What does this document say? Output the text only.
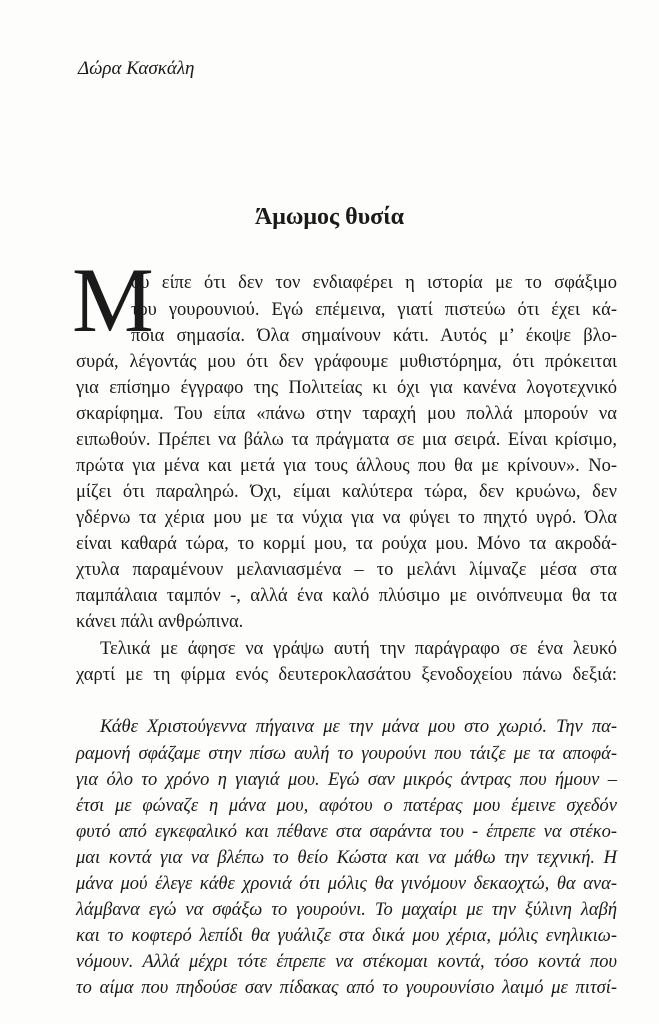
Δώρα Κασκάλη
Άμωμος θυσία
Μ
ου είπε ότι δεν τον ενδιαφέρει η ιστορία με το σφάξιμο
του γουρουνιού. Εγώ επέμεινα, γιατί πιστεύω ότι έχει κά-
ποια σημασία. Όλα σημαίνουν κάτι. Αυτός μ’ έκοψε βλο-
συρά, λέγοντάς μου ότι δεν γράφουμε μυθιστόρημα, ότι πρόκειται
για επίσημο έγγραφο της Πολιτείας κι όχι για κανένα λογοτεχνικό
σκαρίφημα. Του είπα «πάνω στην ταραχή μου πολλά μπορούν να
ειπωθούν. Πρέπει να βάλω τα πράγματα σε μια σειρά. Είναι κρίσιμο,
πρώτα για μένα και μετά για τους άλλους που θα με κρίνουν». Νο-
μίζει ότι παραληρώ. Όχι, είμαι καλύτερα τώρα, δεν κρυώνω, δεν
γδέρνω τα χέρια μου με τα νύχια για να φύγει το πηχτό υγρό. Όλα
είναι καθαρά τώρα, το κορμί μου, τα ρούχα μου. Μόνο τα ακροδά-
χτυλα παραμένουν μελανιασμένα – το μελάνι λίμναζε μέσα στα
παμπάλαια ταμπόν -, αλλά ένα καλό πλύσιμο με οινόπνευμα θα τα
κάνει πάλι ανθρώπινα.
Τελικά με άφησε να γράψω αυτή την παράγραφο σε ένα λευκό
χαρτί με τη φίρμα ενός δευτεροκλασάτου ξενοδοχείου πάνω δεξιά:
Κάθε Χριστούγεννα πήγαινα με την μάνα μου στο χωριό. Την πα-
ραμονή σφάζαμε στην πίσω αυλή το γουρούνι που τάιζε με τα αποφά-
για όλο το χρόνο η γιαγιά μου. Εγώ σαν μικρός άντρας που ήμουν –
έτσι με φώναζε η μάνα μου, αφότου ο πατέρας μου έμεινε σχεδόν
φυτό από εγκεφαλικό και πέθανε στα σαράντα του - έπρεπε να στέκο-
μαι κοντά για να βλέπω το θείο Κώστα και να μάθω την τεχνική. Η
μάνα μού έλεγε κάθε χρονιά ότι μόλις θα γινόμουν δεκαοχτώ, θα ανα-
λάμβανα εγώ να σφάξω το γουρούνι. Το μαχαίρι με την ξύλινη λαβή
και το κοφτερό λεπίδι θα γυάλιζε στα δικά μου χέρια, μόλις ενηλικιω-
νόμουν. Αλλά μέχρι τότε έπρεπε να στέκομαι κοντά, τόσο κοντά που
το αίμα που πηδούσε σαν πίδακας από το γουρουνίσιο λαιμό με πιτσί-
